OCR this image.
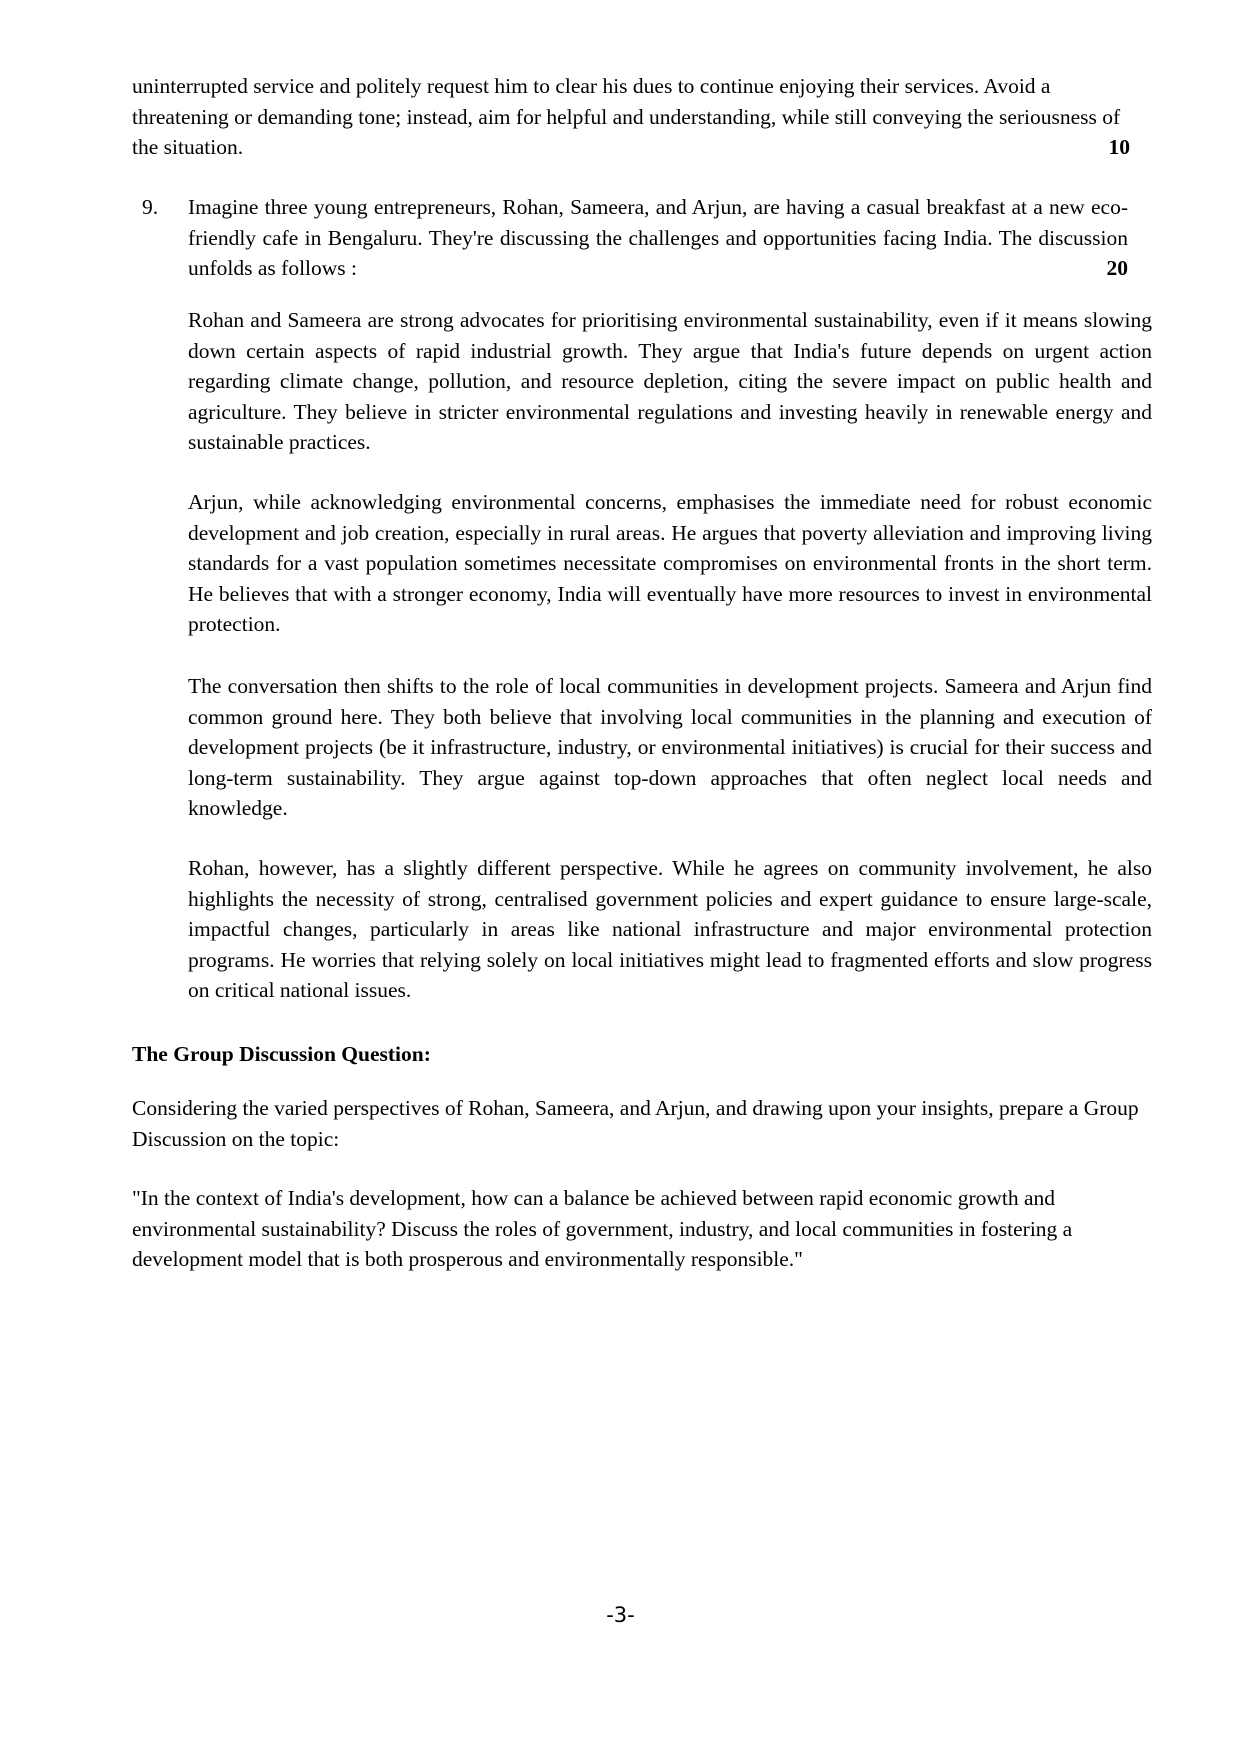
uninterrupted service and politely request him to clear his dues to continue enjoying their services. Avoid a threatening or demanding tone; instead, aim for helpful and understanding, while still conveying the seriousness of the situation.	10
9. Imagine three young entrepreneurs, Rohan, Sameera, and Arjun, are having a casual breakfast at a new eco-friendly cafe in Bengaluru. They're discussing the challenges and opportunities facing India. The discussion unfolds as follows :	20
Rohan and Sameera are strong advocates for prioritising environmental sustainability, even if it means slowing down certain aspects of rapid industrial growth. They argue that India's future depends on urgent action regarding climate change, pollution, and resource depletion, citing the severe impact on public health and agriculture. They believe in stricter environmental regulations and investing heavily in renewable energy and sustainable practices.
Arjun, while acknowledging environmental concerns, emphasises the immediate need for robust economic development and job creation, especially in rural areas. He argues that poverty alleviation and improving living standards for a vast population sometimes necessitate compromises on environmental fronts in the short term. He believes that with a stronger economy, India will eventually have more resources to invest in environmental protection.
The conversation then shifts to the role of local communities in development projects. Sameera and Arjun find common ground here. They both believe that involving local communities in the planning and execution of development projects (be it infrastructure, industry, or environmental initiatives) is crucial for their success and long-term sustainability. They argue against top-down approaches that often neglect local needs and knowledge.
Rohan, however, has a slightly different perspective. While he agrees on community involvement, he also highlights the necessity of strong, centralised government policies and expert guidance to ensure large-scale, impactful changes, particularly in areas like national infrastructure and major environmental protection programs. He worries that relying solely on local initiatives might lead to fragmented efforts and slow progress on critical national issues.
The Group Discussion Question:
Considering the varied perspectives of Rohan, Sameera, and Arjun, and drawing upon your insights, prepare a Group Discussion on the topic:
"In the context of India's development, how can a balance be achieved between rapid economic growth and environmental sustainability? Discuss the roles of government, industry, and local communities in fostering a development model that is both prosperous and environmentally responsible."
-3-
